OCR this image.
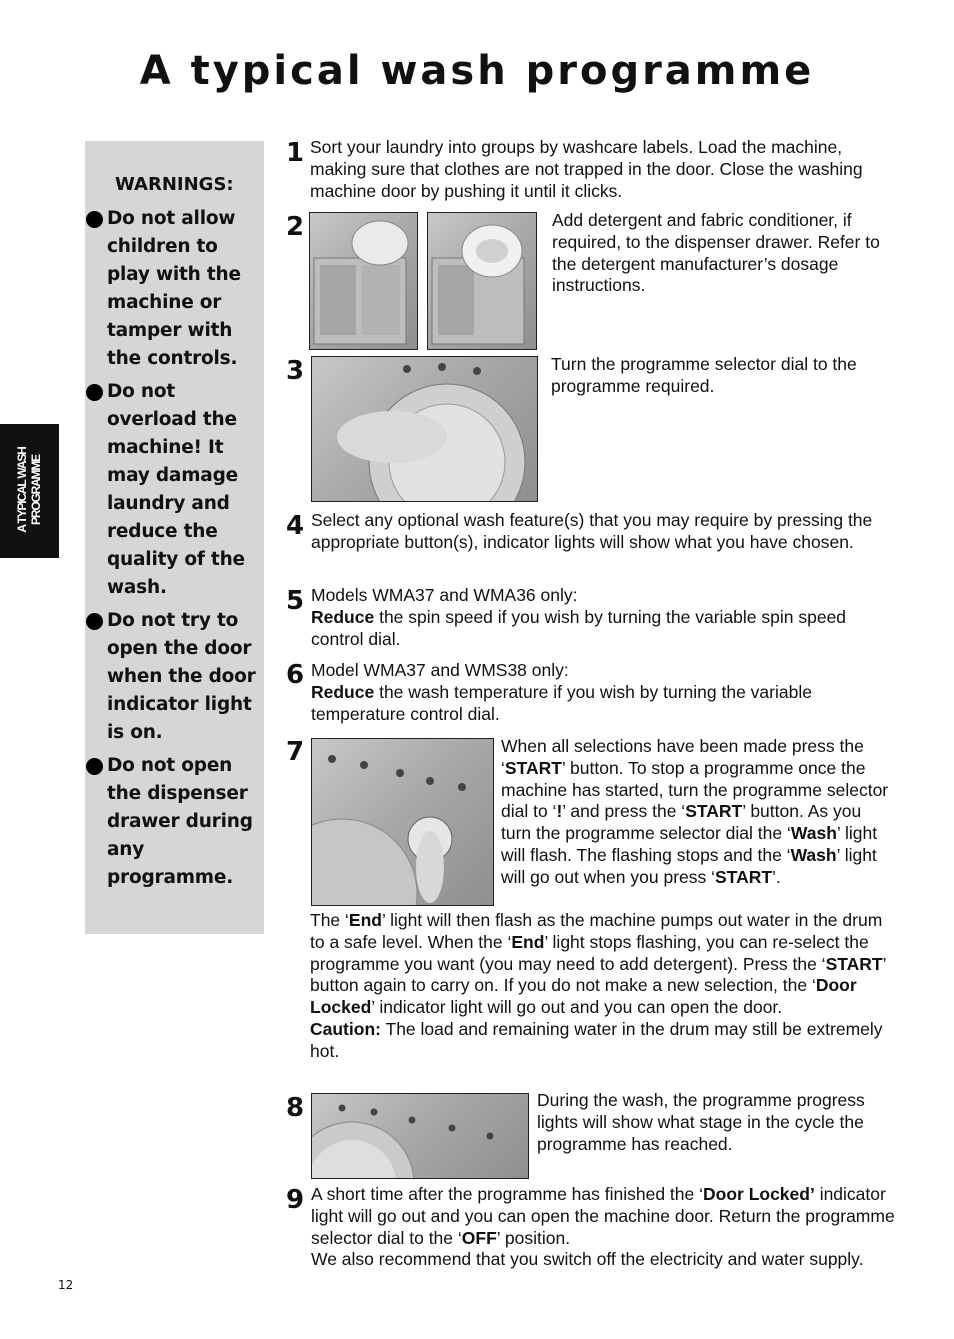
A typical wash programme
A TYPICAL WASH PROGRAMME
WARNINGS:
Do not allow children to play with the machine or tamper with the controls.
Do not overload the machine! It may damage laundry and reduce the quality of the wash.
Do not try to open the door when the door indicator light is on.
Do not open the dispenser drawer during any programme.
1 Sort your laundry into groups by washcare labels. Load the machine, making sure that clothes are not trapped in the door. Close the washing machine door by pushing it until it clicks.
2	Add detergent and fabric conditioner, if required, to the dispenser drawer. Refer to the detergent manufacturer’s dosage instructions.
3	Turn the programme selector dial to the programme required.
4 Select any optional wash feature(s) that you may require by pressing the appropriate button(s), indicator lights will show what you have chosen.
5 Models WMA37 and WMA36 only:
Reduce the spin speed if you wish by turning the variable spin speed control dial.
6 Model WMA37 and WMS38 only:
Reduce the wash temperature if you wish by turning the variable temperature control dial.
7	When all selections have been made press the ‘START’ button. To stop a programme once the machine has started, turn the programme selector dial to ‘!’ and press the ‘START’ button. As you turn the programme selector dial the ‘Wash’ light will flash. The flashing stops and the ‘Wash’ light will go out when you press ‘START’.
The ‘End’ light will then flash as the machine pumps out water in the drum to a safe level. When the ‘End’ light stops flashing, you can re-select the programme you want (you may need to add detergent). Press the ‘START’ button again to carry on. If you do not make a new selection, the ‘Door Locked’ indicator light will go out and you can open the door.
Caution: The load and remaining water in the drum may still be extremely hot.
8	During the wash, the programme progress lights will show what stage in the cycle the programme has reached.
9 A short time after the programme has finished the ‘Door Locked’ indicator light will go out and you can open the machine door. Return the programme selector dial to the ‘OFF’ position.
We also recommend that you switch off the electricity and water supply.
12
